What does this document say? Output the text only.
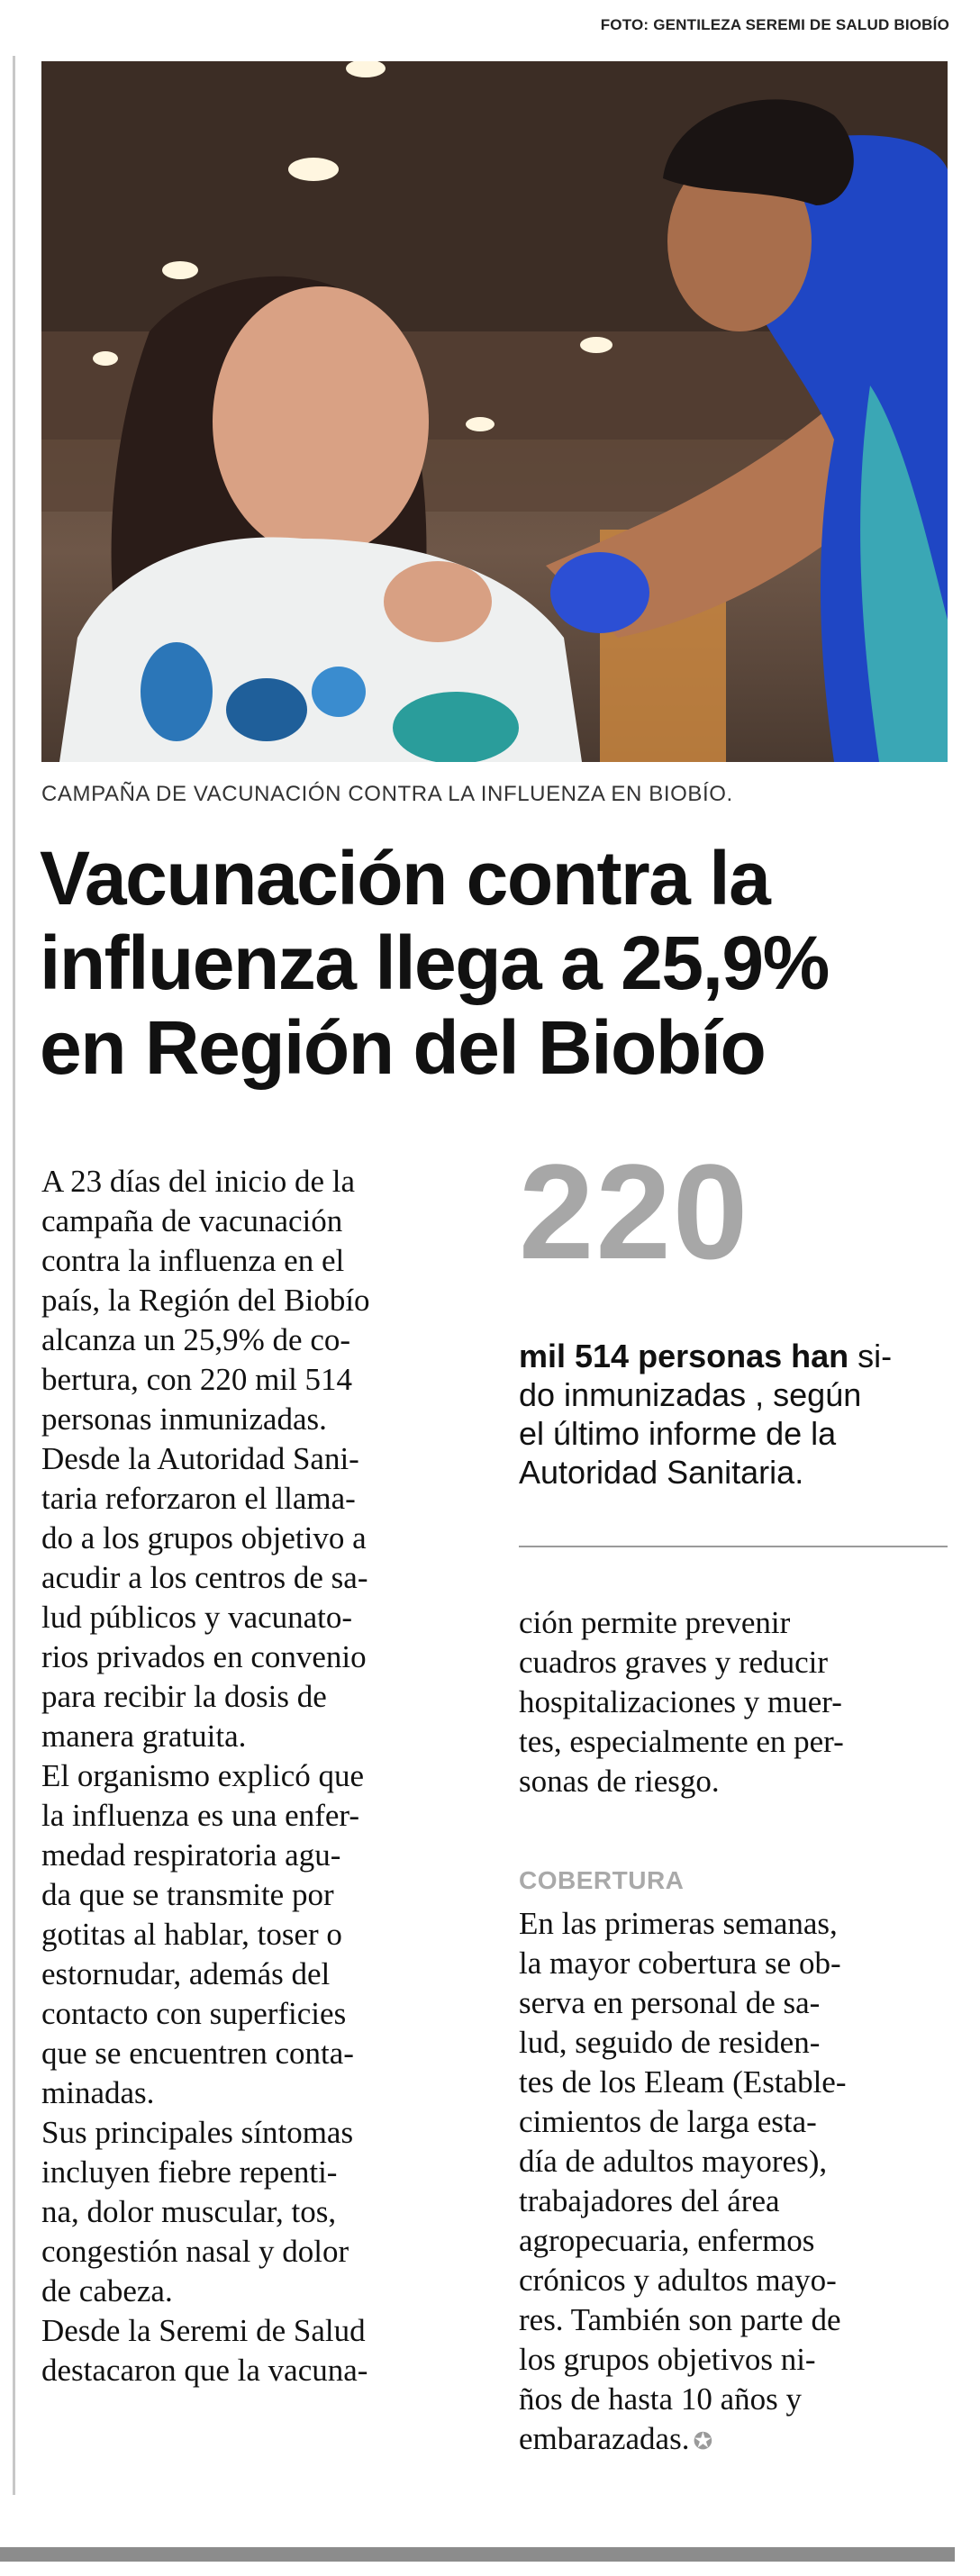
FOTO: GENTILEZA SEREMI DE SALUD BIOBÍO
CAMPAÑA DE VACUNACIÓN CONTRA LA INFLUENZA EN BIOBÍO.
Vacunación contra la
influenza llega a 25,9%
en Región del Biobío

A 23 días del inicio de la

campaña de vacunación

contra la influenza en el

país, la Región del Biobío

alcanza un 25,9% de co-

bertura, con 220 mil 514

personas inmunizadas.

Desde la Autoridad Sani-

taria reforzaron el llama-

do a los grupos objetivo a

acudir a los centros de sa-

lud públicos y vacunato-

rios privados en convenio

para recibir la dosis de

manera gratuita.

El organismo explicó que

la influenza es una enfer-

medad respiratoria agu-

da que se transmite por

gotitas al hablar, toser o

estornudar, además del

contacto con superficies

que se encuentren conta-

minadas.

Sus principales síntomas

incluyen fiebre repenti-

na, dolor muscular, tos,

congestión nasal y dolor

de cabeza.

Desde la Seremi de Salud

destacaron que la vacuna-

220

mil 514 personas han si-

do inmunizadas , según

el último informe de la

Autoridad Sanitaria.

ción permite prevenir

cuadros graves y reducir

hospitalizaciones y muer-

tes, especialmente en per-

sonas de riesgo.

COBERTURA

En las primeras semanas,

la mayor cobertura se ob-

serva en personal de sa-

lud, seguido de residen-

tes de los Eleam (Estable-

cimientos de larga esta-

día de adultos mayores),

trabajadores del área

agropecuaria, enfermos

crónicos y adultos mayo-

res. También son parte de

los grupos objetivos ni-

ños de hasta 10 años y

embarazadas. ✪
